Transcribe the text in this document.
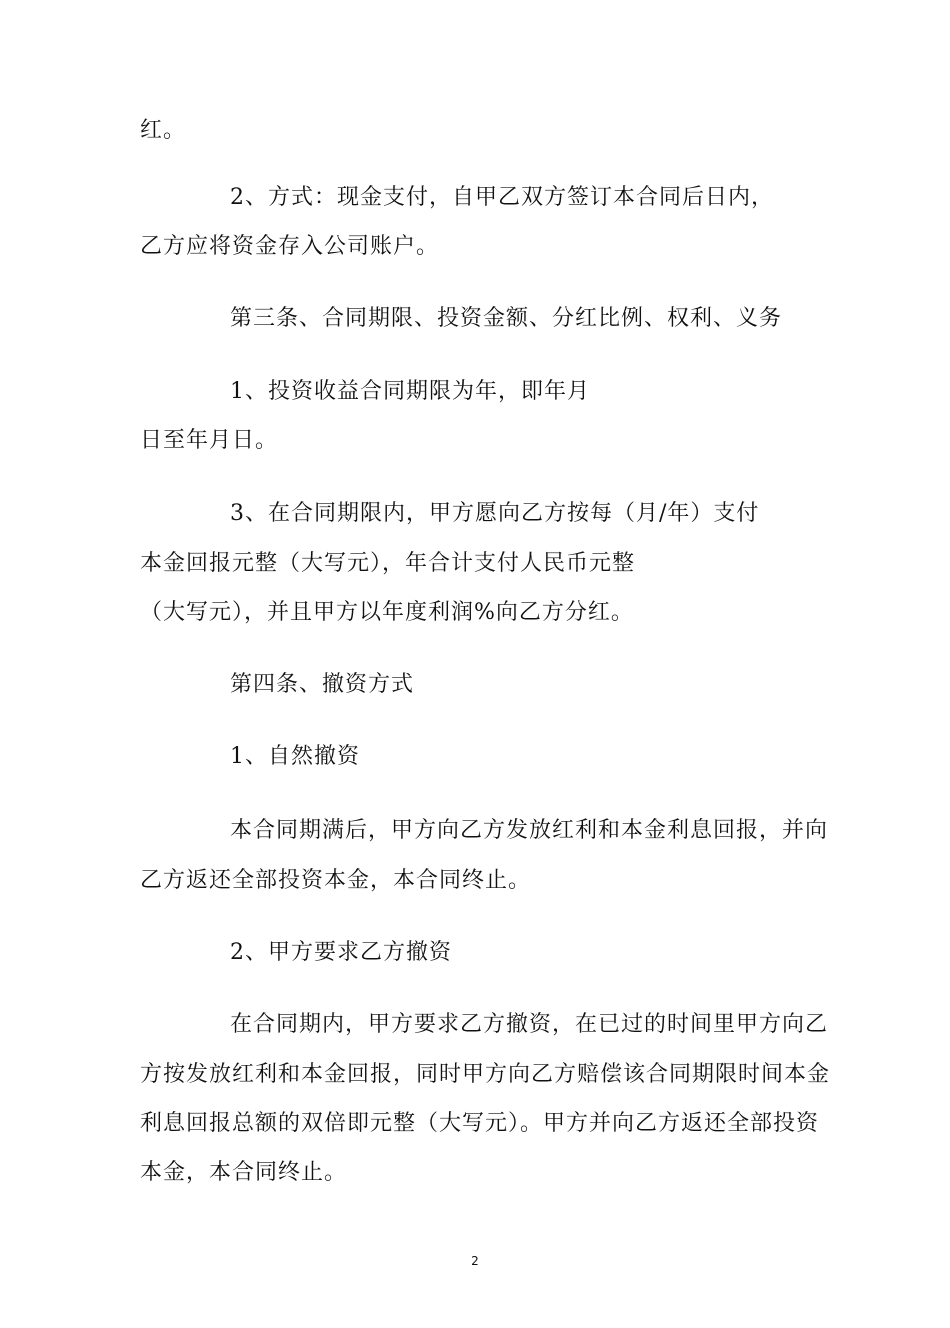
红。
2、方式：现金支付，自甲乙双方签订本合同后日内，
乙方应将资金存入公司账户。
第三条、合同期限、投资金额、分红比例、权利、义务
1、投资收益合同期限为年，即年月
日至年月日。
3、在合同期限内，甲方愿向乙方按每（月/年）支付
本金回报元整（大写元），年合计支付人民币元整
（大写元），并且甲方以年度利润%向乙方分红。
第四条、撤资方式
1、自然撤资
本合同期满后，甲方向乙方发放红利和本金利息回报，并向
乙方返还全部投资本金，本合同终止。
2、甲方要求乙方撤资
在合同期内，甲方要求乙方撤资，在已过的时间里甲方向乙
方按发放红利和本金回报，同时甲方向乙方赔偿该合同期限时间本金
利息回报总额的双倍即元整（大写元）。甲方并向乙方返还全部投资
本金，本合同终止。
2
